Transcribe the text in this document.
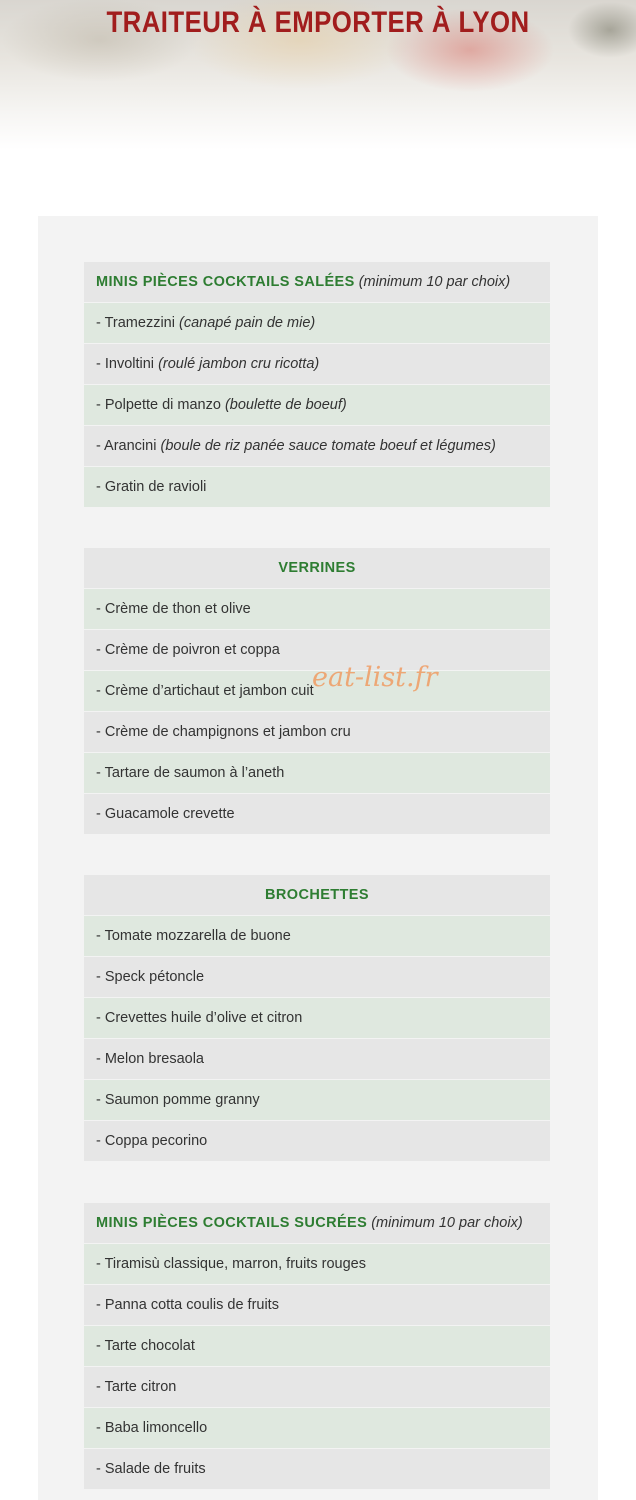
TRAITEUR À EMPORTER À LYON
MINIS PIÈCES COCKTAILS SALÉES (minimum 10 par choix)
- Tramezzini (canapé pain de mie)
- Involtini (roulé jambon cru ricotta)
- Polpette di manzo (boulette de boeuf)
- Arancini (boule de riz panée sauce tomate boeuf et légumes)
- Gratin de ravioli
VERRINES
- Crème de thon et olive
- Crème de poivron et coppa
- Crème d’artichaut et jambon cuit
- Crème de champignons et jambon cru
- Tartare de saumon à l’aneth
- Guacamole crevette
BROCHETTES
- Tomate mozzarella de buone
- Speck pétoncle
- Crevettes huile d’olive et citron
- Melon bresaola
- Saumon pomme granny
- Coppa pecorino
MINIS PIÈCES COCKTAILS SUCRÉES (minimum 10 par choix)
- Tiramisù classique, marron, fruits rouges
- Panna cotta coulis de fruits
- Tarte chocolat
- Tarte citron
- Baba limoncello
- Salade de fruits
eat-list.fr
